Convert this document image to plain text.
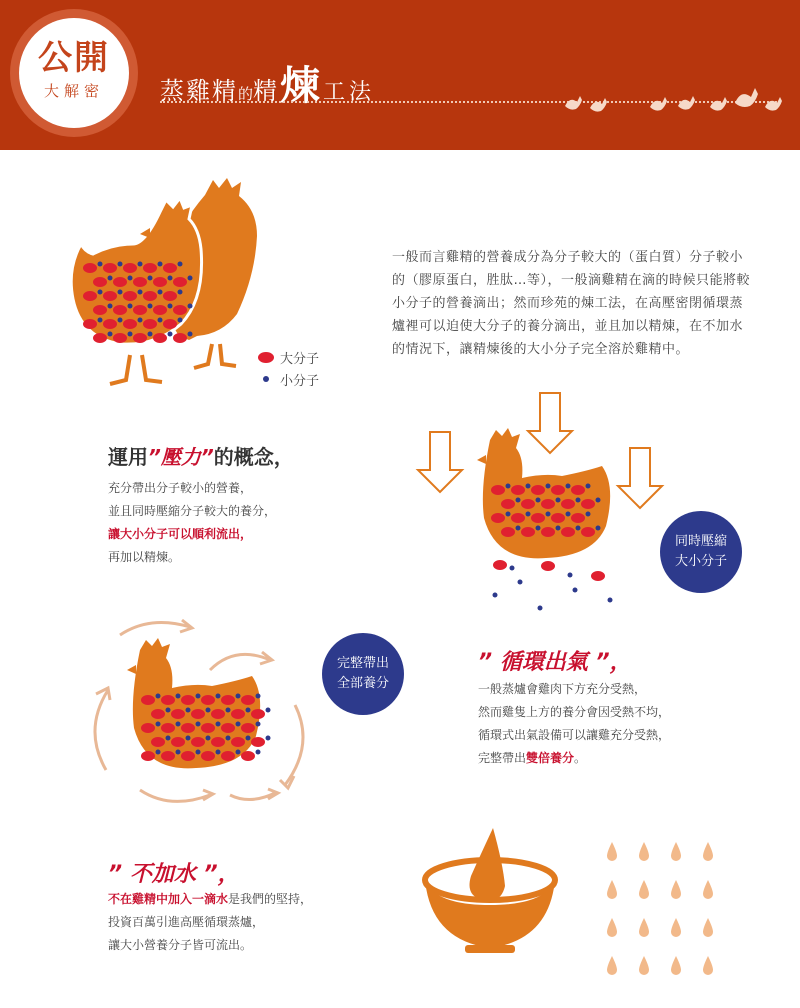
公開
大解密	蒸雞精的精煉 工法
一般而言雞精的營養成分為分子較大的（蛋白質）分子較小的（膠原蛋白，胜肽…等），一般滴雞精在滴的時候只能將較小分子的營養滴出；然而珍苑的煉工法，在高壓密閉循環蒸爐裡可以迫使大分子的養分滴出，並且加以精煉，在不加水的情況下，讓精煉後的大小分子完全溶於雞精中。
大分子
小分子
運用”壓力”的概念，
充分帶出分子較小的營養，
並且同時壓縮分子較大的養分，
讓大小分子可以順利流出，
再加以精煉。
同時壓縮
大小分子
完整帶出
全部養分
” 循環出氣 ”，
一般蒸爐會雞肉下方充分受熱，
然而雞隻上方的養分會因受熱不均，
循環式出氣設備可以讓雞充分受熱，
完整帶出雙倍養分。
” 不加水 ”，
不在雞精中加入一滴水是我們的堅持，
投資百萬引進高壓循環蒸爐，
讓大小營養分子皆可流出。
